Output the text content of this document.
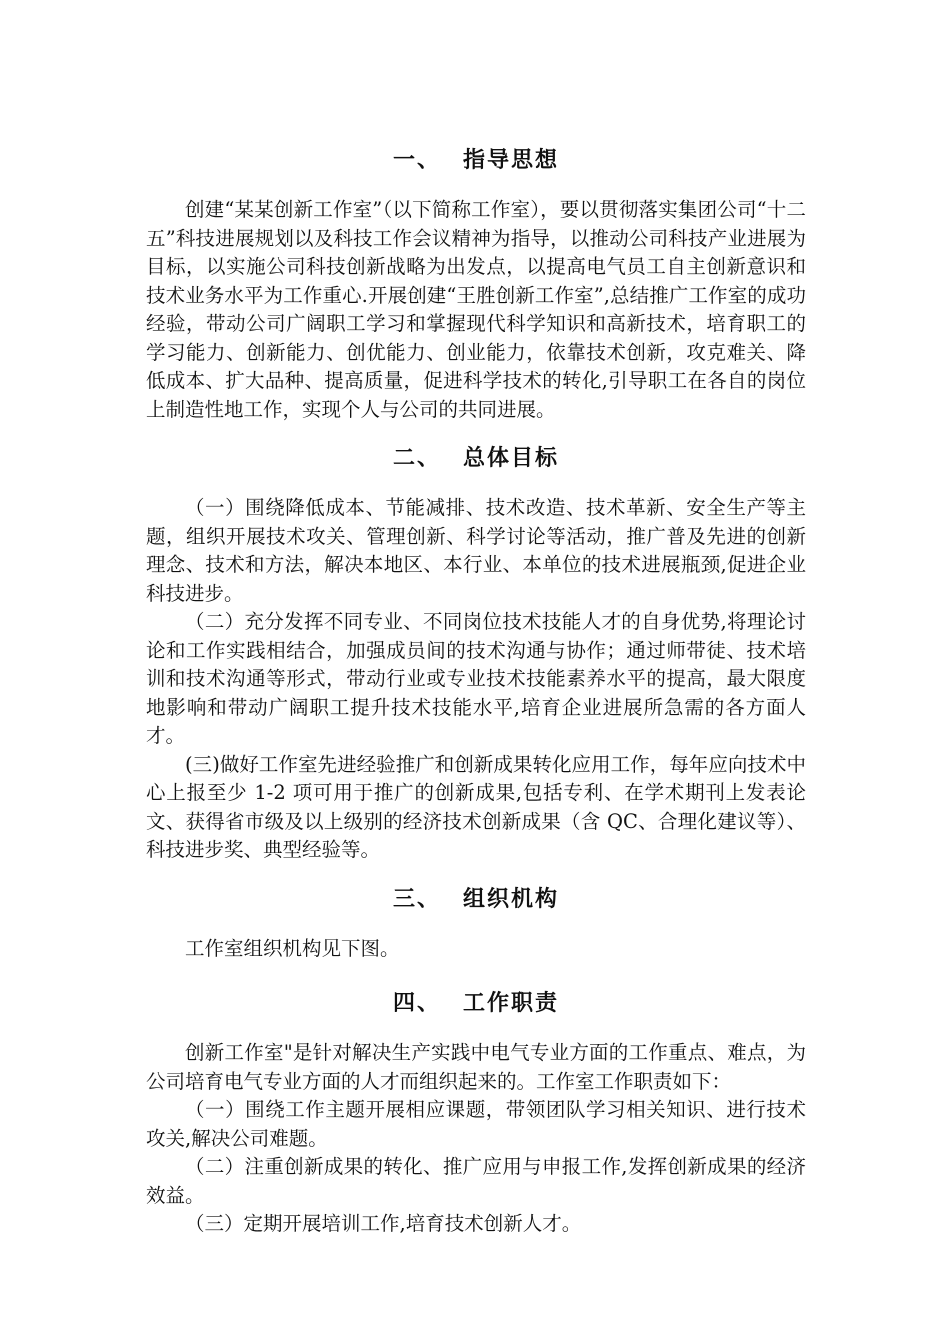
一、 指导思想

创建“某某创新工作室”（以下简称工作室），要以贯彻落实集团公司“十二五”科技进展规划以及科技工作会议精神为指导，以推动公司科技产业进展为目标，以实施公司科技创新战略为出发点，以提高电气员工自主创新意识和技术业务水平为工作重心.开展创建“王胜创新工作室”,总结推广工作室的成功经验，带动公司广阔职工学习和掌握现代科学知识和高新技术，培育职工的学习能力、创新能力、创优能力、创业能力，依靠技术创新，攻克难关、降低成本、扩大品种、提高质量，促进科学技术的转化,引导职工在各自的岗位上制造性地工作，实现个人与公司的共同进展。

二、 总体目标

（一）围绕降低成本、节能减排、技术改造、技术革新、安全生产等主题，组织开展技术攻关、管理创新、科学讨论等活动，推广普及先进的创新理念、技术和方法，解决本地区、本行业、本单位的技术进展瓶颈,促进企业科技进步。

（二）充分发挥不同专业、不同岗位技术技能人才的自身优势,将理论讨论和工作实践相结合，加强成员间的技术沟通与协作；通过师带徒、技术培训和技术沟通等形式，带动行业或专业技术技能素养水平的提高，最大限度地影响和带动广阔职工提升技术技能水平,培育企业进展所急需的各方面人才。

(三)做好工作室先进经验推广和创新成果转化应用工作，每年应向技术中心上报至少 1-2 项可用于推广的创新成果,包括专利、在学术期刊上发表论文、获得省市级及以上级别的经济技术创新成果（含 QC、合理化建议等）、科技进步奖、典型经验等。

三、 组织机构

工作室组织机构见下图。

四、 工作职责

创新工作室"是针对解决生产实践中电气专业方面的工作重点、难点，为公司培育电气专业方面的人才而组织起来的。工作室工作职责如下：

（一）围绕工作主题开展相应课题，带领团队学习相关知识、进行技术攻关,解决公司难题。

（二）注重创新成果的转化、推广应用与申报工作,发挥创新成果的经济效益。

（三）定期开展培训工作,培育技术创新人才。
